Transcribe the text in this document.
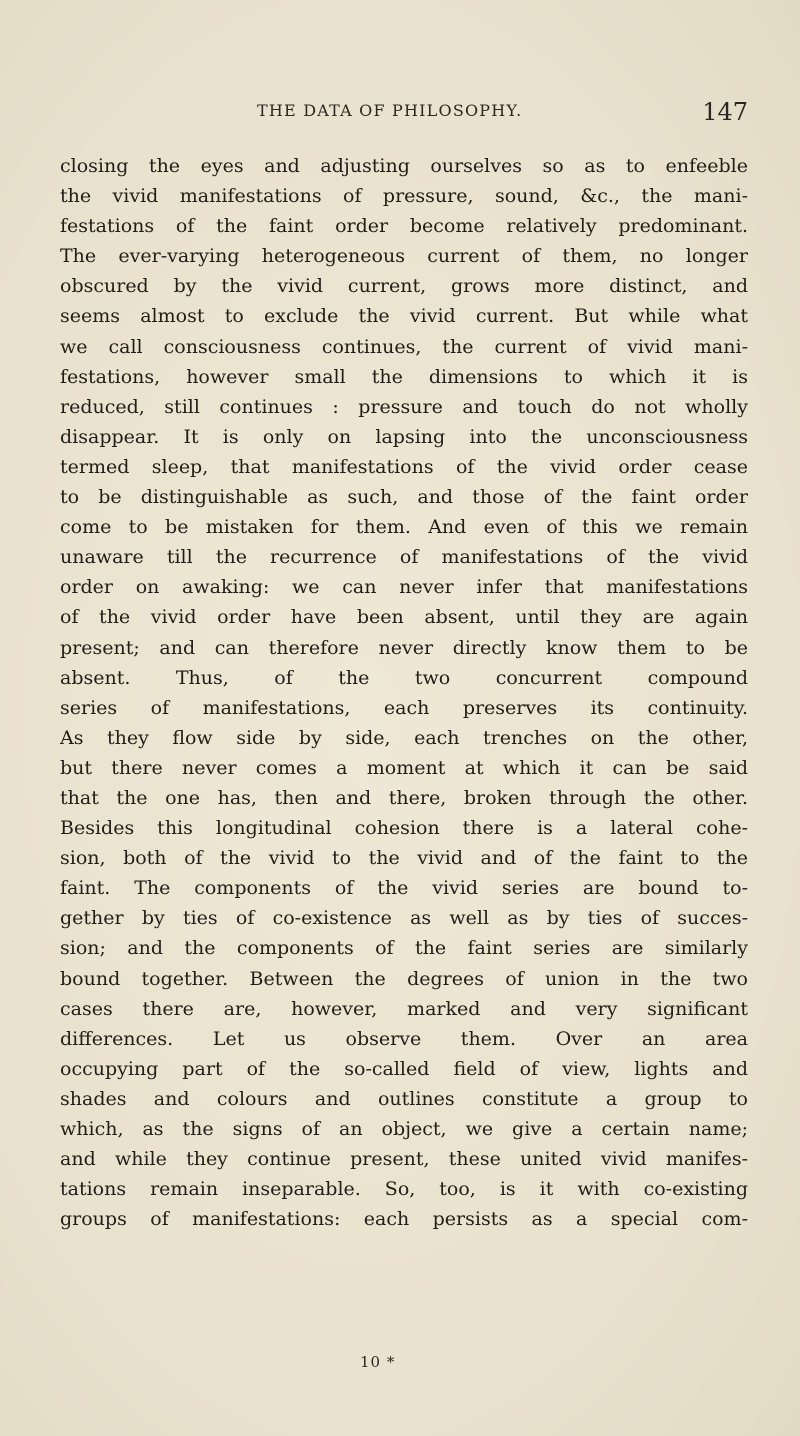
THE DATA OF PHILOSOPHY.	147
closing the eyes and adjusting ourselves so as to enfeeble
the vivid manifestations of pressure, sound, &c., the mani-
festations of the faint order become relatively predominant.
The ever-varying heterogeneous current of them, no longer
obscured by the vivid current, grows more distinct, and
seems almost to exclude the vivid current. But while what
we call consciousness continues, the current of vivid mani-
festations, however small the dimensions to which it is
reduced, still continues : pressure and touch do not wholly
disappear. It is only on lapsing into the unconsciousness
termed sleep, that manifestations of the vivid order cease
to be distinguishable as such, and those of the faint order
come to be mistaken for them. And even of this we remain
unaware till the recurrence of manifestations of the vivid
order on awaking: we can never infer that manifestations
of the vivid order have been absent, until they are again
present; and can therefore never directly know them to be
absent. Thus, of the two concurrent compound
series of manifestations, each preserves its continuity.
As they flow side by side, each trenches on the other,
but there never comes a moment at which it can be said
that the one has, then and there, broken through the other.
Besides this longitudinal cohesion there is a lateral cohe-
sion, both of the vivid to the vivid and of the faint to the
faint. The components of the vivid series are bound to-
gether by ties of co-existence as well as by ties of succes-
sion; and the components of the faint series are similarly
bound together. Between the degrees of union in the two
cases there are, however, marked and very significant
differences. Let us observe them. Over an area
occupying part of the so-called field of view, lights and
shades and colours and outlines constitute a group to
which, as the signs of an object, we give a certain name;
and while they continue present, these united vivid manifes-
tations remain inseparable. So, too, is it with co-existing
groups of manifestations: each persists as a special com-
10 *
